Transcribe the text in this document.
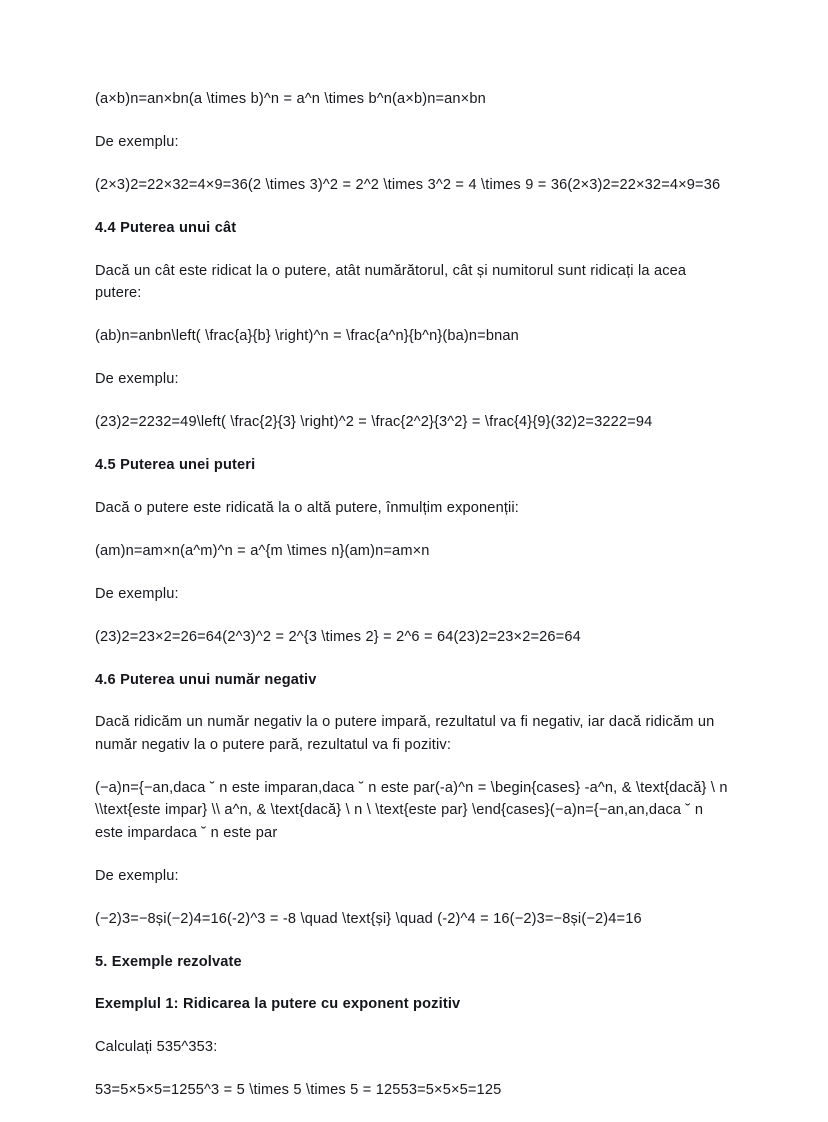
(a×b)n=an×bn(a \times b)^n = a^n \times b^n(a×b)n=an×bn

De exemplu:

(2×3)2=22×32=4×9=36(2 \times 3)^2 = 2^2 \times 3^2 = 4 \times 9 = 36(2×3)2=22×32=4×9=36

4.4 Puterea unui cât

Dacă un cât este ridicat la o putere, atât numărătorul, cât și numitorul sunt ridicați la acea putere:

(ab)n=anbn\left( \frac{a}{b} \right)^n = \frac{a^n}{b^n}(ba)n=bnan

De exemplu:

(23)2=2232=49\left( \frac{2}{3} \right)^2 = \frac{2^2}{3^2} = \frac{4}{9}(32)2=3222=94

4.5 Puterea unei puteri

Dacă o putere este ridicată la o altă putere, înmulțim exponenții:

(am)n=am×n(a^m)^n = a^{m \times n}(am)n=am×n

De exemplu:

(23)2=23×2=26=64(2^3)^2 = 2^{3 \times 2} = 2^6 = 64(23)2=23×2=26=64

4.6 Puterea unui număr negativ

Dacă ridicăm un număr negativ la o putere impară, rezultatul va fi negativ, iar dacă ridicăm un număr negativ la o putere pară, rezultatul va fi pozitiv:

(−a)n={−an,daca ˘ n este imparan,daca ˘ n este par(-a)^n = \begin{cases} -a^n, & \text{dacă} \ n \\text{este impar} \\ a^n, & \text{dacă} \ n \ \text{este par} \end{cases}(−a)n={−an,an,daca ˘ n este impardaca ˘ n este par

De exemplu:

(−2)3=−8și(−2)4=16(-2)^3 = -8 \quad \text{și} \quad (-2)^4 = 16(−2)3=−8și(−2)4=16

5. Exemple rezolvate

Exemplul 1: Ridicarea la putere cu exponent pozitiv

Calculați 535^353:

53=5×5×5=1255^3 = 5 \times 5 \times 5 = 12553=5×5×5=125
